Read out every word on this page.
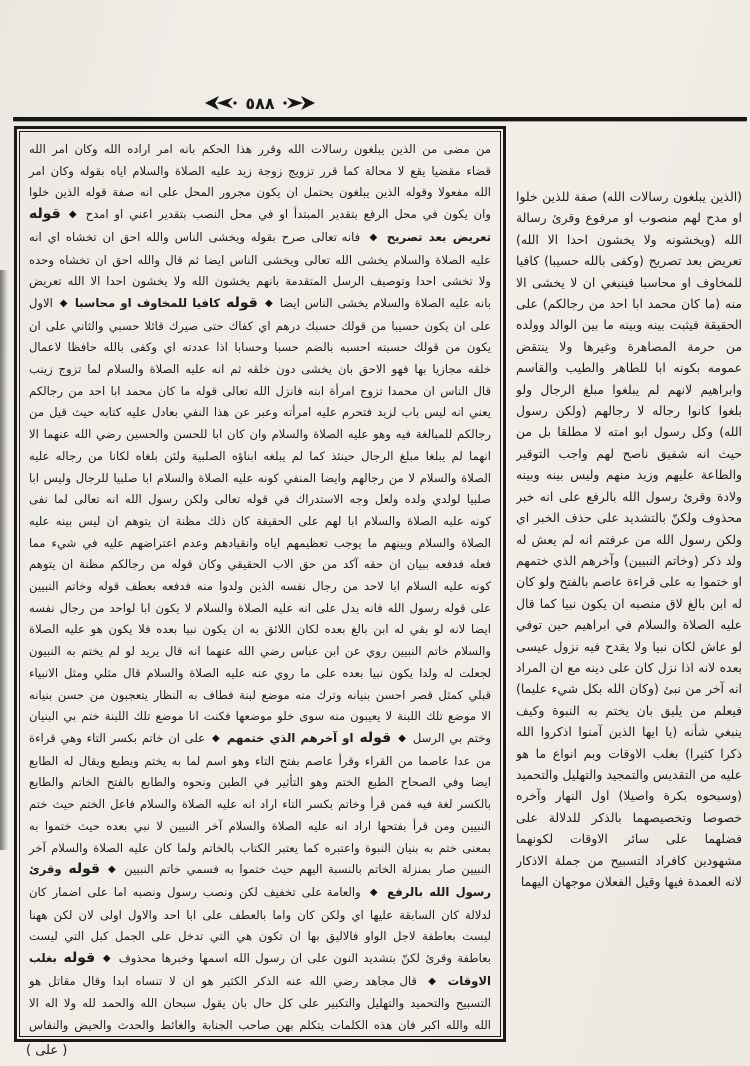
٥٨٨
من مضى من الذين يبلغون رسالات الله وقرر هذا الحكم بانه امر اراده الله وكان امر الله قضاء مقضيا يقع لا محالة كما قرر تزويج زوجة زيد عليه الصلاة والسلام اياه بقوله وكان امر الله مفعولا وقوله الذين يبلغون يحتمل ان يكون مجرور المحل على انه صفة قوله الذين خلوا وان يكون في محل الرفع بتقدير المبتدأ او في محل النصب بتقدير اعني او امدح ◆ قوله تعريض بعد تصريح ◆ فانه تعالى صرح بقوله ويخشى الناس والله احق ان تخشاه اي انه عليه الصلاة والسلام يخشى الله تعالى ويخشى الناس ايضا ثم قال والله احق ان تخشاه وحده ولا تخشى احدا وتوصيف الرسل المتقدمة بانهم يخشون الله ولا يخشون احدا الا الله تعريض بانه عليه الصلاة والسلام يخشى الناس ايضا ◆ قوله كافيا للمخاوف او محاسبا ◆ الاول على ان يكون حسيبا من قولك حسبك درهم اي كفاك حتى صيرك قائلا حسبي والثاني على ان يكون من قولك حسبته احسبه بالضم حسبا وحسابا اذا عددته اي وكفى بالله حافظا لاعمال خلقه مجازيا بها فهو الاحق بان يخشى دون خلقه ثم انه عليه الصلاة والسلام لما تزوج زينب قال الناس ان محمدا تزوج امرأة ابنه فانزل الله تعالى قوله ما كان محمد ابا احد من رجالكم يعني انه ليس باب لزيد فتحرم عليه امرأته وعبر عن هذا النفي بعادل عليه كتابه حيث قيل من رجالكم للمبالغة فيه وهو عليه الصلاة والسلام وان كان ابا للحسن والحسين رضي الله عنهما الا انهما لم يبلغا مبلغ الرجال حينئذ كما لم يبلغه ابناؤه الصلبية ولئن بلغاه لكانا من رجاله عليه الصلاة والسلام لا من رجالهم وايضا المنفي كونه عليه الصلاة والسلام ابا صلبيا للرجال وليس ابا صلبيا لولدي ولده ولعل وجه الاستدراك في قوله تعالى ولكن رسول الله انه تعالى لما نفى كونه عليه الصلاة والسلام ابا لهم على الحقيقة كان ذلك مظنة ان يتوهم ان ليس بينه عليه الصلاة والسلام وبينهم ما يوجب تعظيمهم اياه وانقيادهم وعدم اعتراضهم عليه في شيء مما فعله فدفعه ببيان ان حقه آكد من حق الاب الحقيقي وكان قوله من رجالكم مظنة ان يتوهم كونه عليه السلام ابا لاحد من رجال نفسه الذين ولدوا منه فدفعه بعطف قوله وخاتم النبيين على قوله رسول الله فانه يدل على انه عليه الصلاة والسلام لا يكون ابا لواحد من رجال نفسه ايضا لانه لو بقي له ابن بالغ بعده لكان اللائق به ان يكون نبيا بعده فلا يكون هو عليه الصلاة والسلام خاتم النبيين روي عن ابن عباس رضي الله عنهما انه قال يريد لو لم يختم به النبيون لجعلت له ولدا يكون نبيا بعده على ما روي عنه عليه الصلاة والسلام قال مثلي ومثل الانبياء قبلي كمثل قصر احسن بنيانه وترك منه موضع لبنة فطاف به النظار يتعجبون من حسن بنيانه الا موضع تلك اللبنة لا يعيبون منه سوى خلو موضعها فكنت انا موضع تلك اللبنة ختم بي البنيان وختم بي الرسل ◆ قوله او آخرهم الذي ختمهم ◆ على ان خاتم بكسر التاء وهي قراءة من عدا عاصما من القراء وقرأ عاصم بفتح التاء وهو اسم لما به يختم ويطبع ويقال له الطابع ايضا وفي الصحاح الطبع الختم وهو التأثير في الطين ونحوه والطابع بالفتح الخاتم والطابع بالكسر لغة فيه فمن قرأ وخاتم بكسر التاء اراد انه عليه الصلاة والسلام فاعل الختم حيث ختم النبيين ومن قرأ بفتحها اراد انه عليه الصلاة والسلام آخر النبيين لا نبي بعده حيث ختموا به بمعنى ختم به بنيان النبوة واعتبره كما يعتبر الكتاب بالخاتم ولما كان عليه الصلاة والسلام آخر النبيين صار بمنزلة الخاتم بالنسبة اليهم حيث ختموا به فسمي خاتم النبيين ◆ قوله وقرئ رسول الله بالرفع ◆ والعامة على تخفيف لكن ونصب رسول ونصبه اما على اضمار كان لدلالة كان السابقة عليها اي ولكن كان واما بالعطف على ابا احد والاول اولى لان لكن ههنا ليست بعاطفة لاجل الواو فالاليق بها ان تكون هي التي تدخل على الجمل كبل التي ليست بعاطفة وقرئ لكنّ بتشديد النون على ان رسول الله اسمها وخبرها محذوف ◆ قوله بغلب الاوقات ◆ قال مجاهد رضي الله عنه الذكر الكثير هو ان لا تنساه ابدا وقال مقاتل هو التسبيح والتحميد والتهليل والتكبير على كل حال بان يقول سبحان الله والحمد لله ولا اله الا الله والله اكبر فان هذه الكلمات يتكلم بهن صاحب الجنابة والغائط والحدث والحيض والنفاس
(الذين يبلغون رسالات الله) صفة للذين خلوا او مدح لهم منصوب او مرفوع وقرئ رسالة الله (ويخشونه ولا يخشون احدا الا الله) تعريض بعد تصريح (وكفى بالله حسيبا) كافيا للمخاوف او محاسبا فينبغي ان لا يخشى الا منه (ما كان محمد ابا احد من رجالكم) على الحقيقة فيثبت بينه وبينه ما بين الوالد وولده من حرمة المصاهرة وغيرها ولا ينتقض عمومه بكونه ابا للطاهر والطيب والقاسم وابراهيم لانهم لم يبلغوا مبلغ الرجال ولو بلغوا كانوا رجاله لا رجالهم (ولكن رسول الله) وكل رسول ابو امته لا مطلقا بل من حيث انه شفيق ناصح لهم واجب التوقير والطاعة عليهم وزيد منهم وليس بينه وبينه ولادة وقرئ رسول الله بالرفع على انه خبر محذوف ولكنّ بالتشديد على حذف الخبر اي ولكن رسول الله من عرفتم انه لم يعش له ولد ذكر (وخاتم النبيين) وآخرهم الذي ختمهم او ختموا به على قراءة عاصم بالفتح ولو كان له ابن بالغ لاق منصبه ان يكون نبيا كما قال عليه الصلاة والسلام في ابراهيم حين توفي لو عاش لكان نبيا ولا يقدح فيه نزول عيسى بعده لانه اذا نزل كان على دينه مع ان المراد انه آخر من نبئ (وكان الله بكل شيء عليما) فيعلم من يليق بان يختم به النبوة وكيف ينبغي شأنه (يا ايها الذين آمنوا اذكروا الله ذكرا كثيرا) بغلب الاوقات وبم انواع ما هو عليه من التقديس والتمجيد والتهليل والتحميد (وسبحوه بكرة واصيلا) اول النهار وآخره خصوصا وتخصيصهما بالذكر للدلالة على فضلهما على سائر الاوقات لكونهما مشهودين كافراد التسبيح من جملة الاذكار لانه العمدة فيها وقيل الفعلان موجهان اليهما
( على )
